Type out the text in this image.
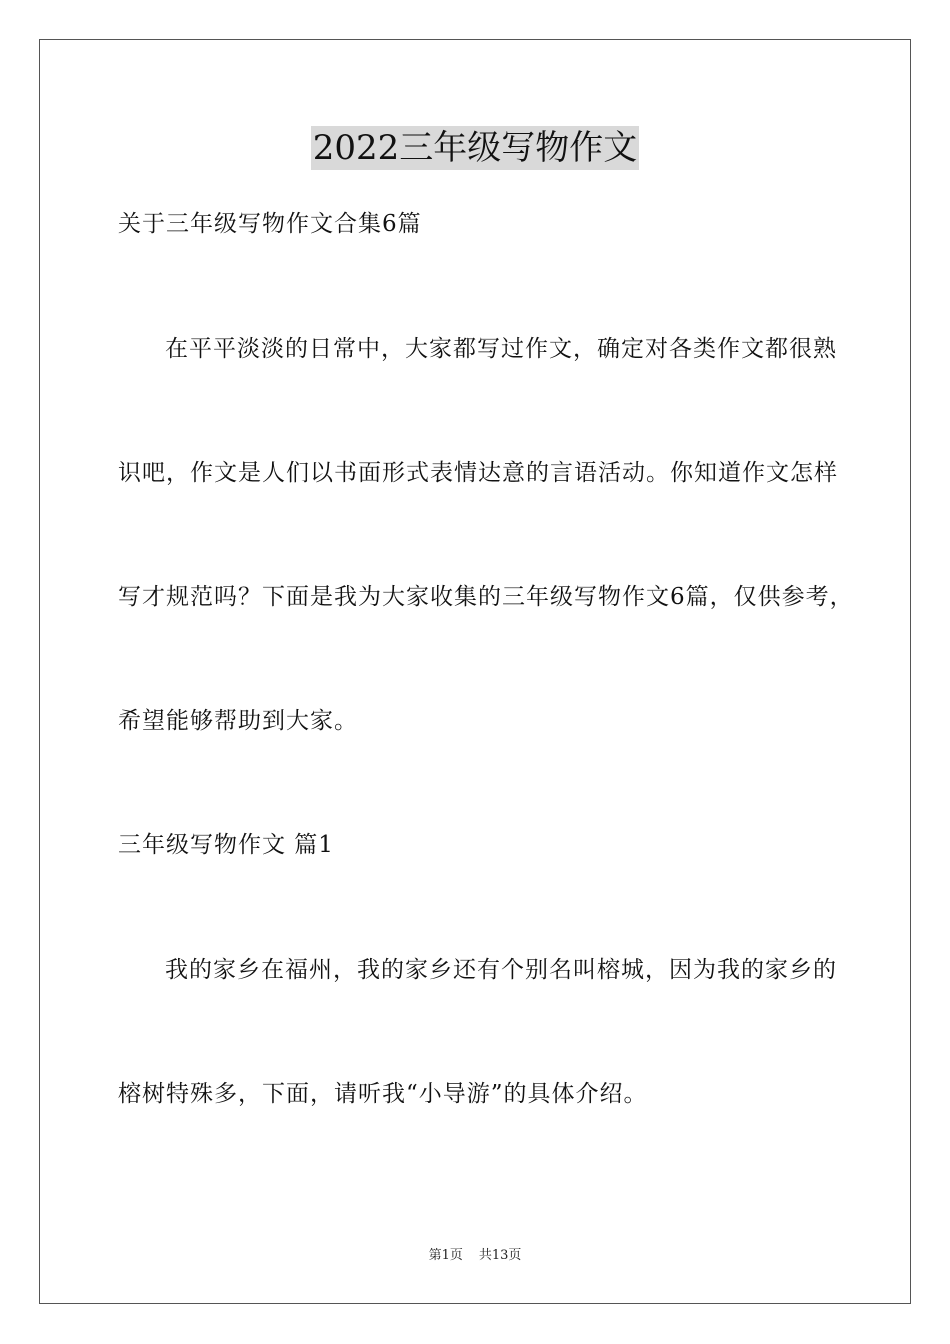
2022三年级写物作文
关于三年级写物作文合集6篇
在平平淡淡的日常中，大家都写过作文，确定对各类作文都很熟
识吧，作文是人们以书面形式表情达意的言语活动。你知道作文怎样
写才规范吗？下面是我为大家收集的三年级写物作文6篇，仅供参考，
希望能够帮助到大家。
三年级写物作文 篇1
我的家乡在福州，我的家乡还有个别名叫榕城，因为我的家乡的
榕树特殊多，下面，请听我“小导游”的具体介绍。
第1页 共13页
